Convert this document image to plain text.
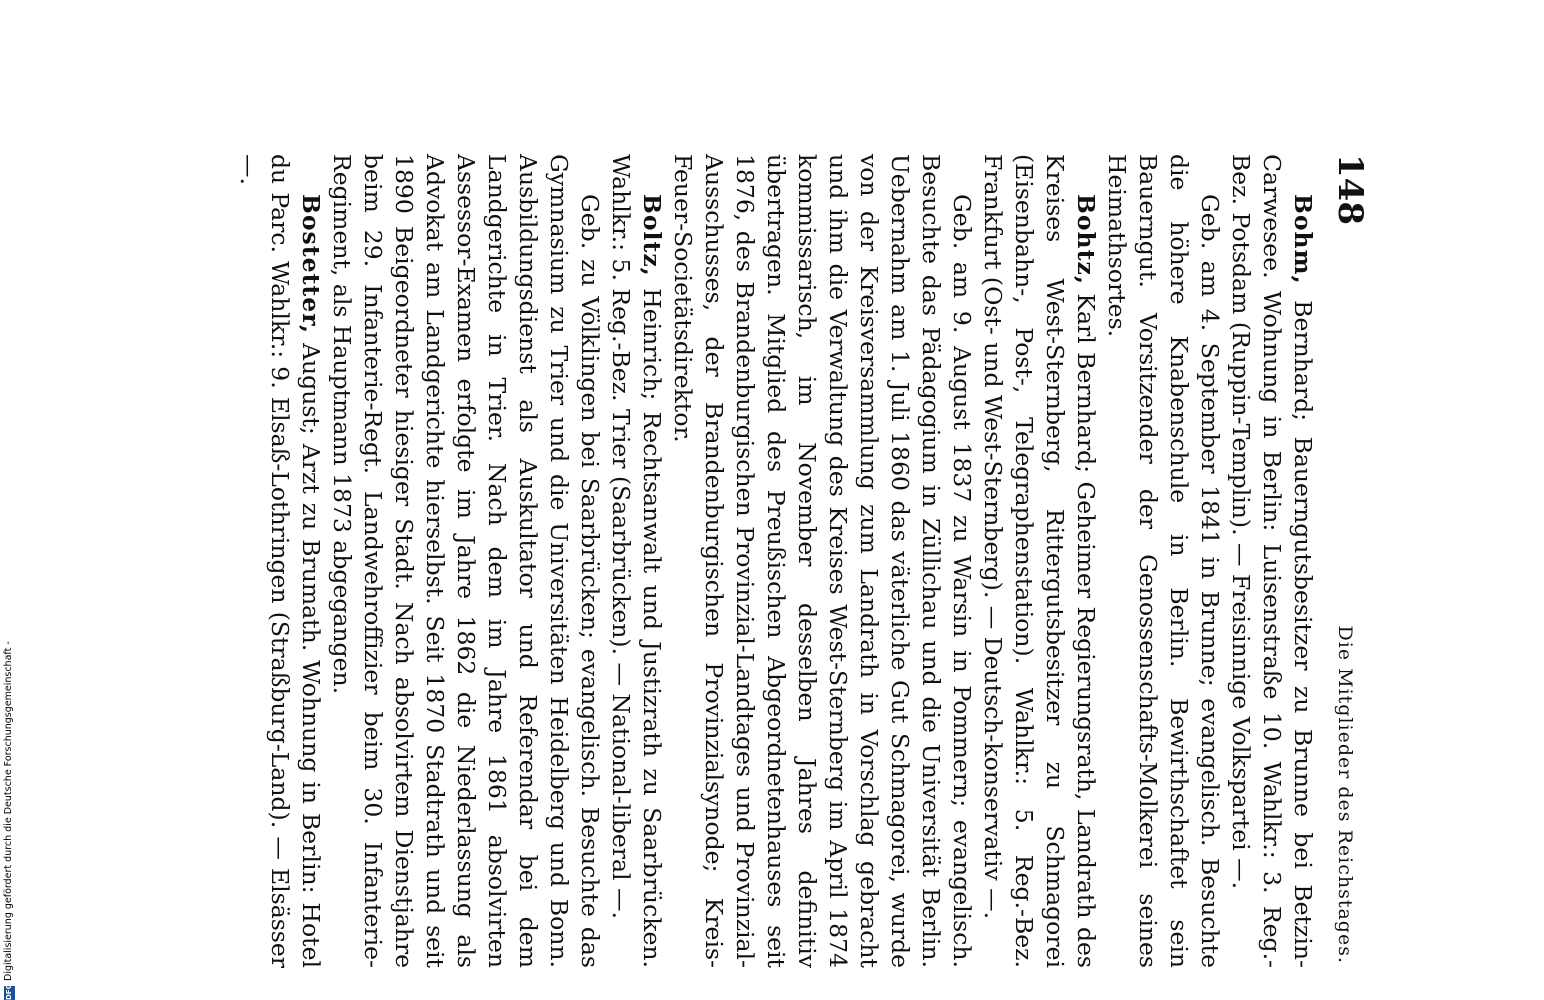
DFG
Digitalisierung gefördert durch die Deutsche Forschungsgemeinschaft -
148
Die Mitglieder des Reichstages.

Bohm, Bernhard; Bauerngutsbesitzer zu Brunne bei Betzin-Carwesee. Wohnung in Berlin: Luisenstraße 10. Wahlkr.: 3. Reg.-Bez. Potsdam (Ruppin-Templin). — Freisinnige Volkspartei —.

Geb. am 4. September 1841 in Brunne; evangelisch. Besuchte die höhere Knabenschule in Berlin. Bewirthschaftet sein Bauerngut. Vorsitzender der Genossenschafts-Molkerei seines Heimathsortes.

Bohtz, Karl Bernhard; Geheimer Regierungsrath, Landrath des Kreises West-Sternberg, Rittergutsbesitzer zu Schmagorei (Eisenbahn-, Post-, Telegraphenstation). Wahlkr.: 5. Reg.-Bez. Frankfurt (Ost- und West-Sternberg). — Deutsch-konservativ —.

Geb. am 9. August 1837 zu Warsin in Pommern; evangelisch. Besuchte das Pädagogium in Züllichau und die Universität Berlin. Uebernahm am 1. Juli 1860 das väterliche Gut Schmagorei, wurde von der Kreisversammlung zum Landrath in Vorschlag gebracht und ihm die Verwaltung des Kreises West-Sternberg im April 1874 kommissarisch, im November desselben Jahres definitiv übertragen. Mitglied des Preußischen Abgeordnetenhauses seit 1876, des Brandenburgischen Provinzial-Landtages und Provinzial-Ausschusses, der Brandenburgischen Provinzialsynode; Kreis-Feuer-Societätsdirektor.

Boltz, Heinrich; Rechtsanwalt und Justizrath zu Saarbrücken. Wahlkr.: 5. Reg.-Bez. Trier (Saarbrücken). — National-liberal —.

Geb. zu Völklingen bei Saarbrücken; evangelisch. Besuchte das Gymnasium zu Trier und die Universitäten Heidelberg und Bonn. Ausbildungsdienst als Auskultator und Referendar bei dem Landgerichte in Trier. Nach dem im Jahre 1861 absolvirten Assessor-Examen erfolgte im Jahre 1862 die Niederlassung als Advokat am Landgerichte hierselbst. Seit 1870 Stadtrath und seit 1890 Beigeordneter hiesiger Stadt. Nach absolvirtem Dienstjahre beim 29. Infanterie-Regt. Landwehroffizier beim 30. Infanterie-Regiment, als Hauptmann 1873 abgegangen.

Bostetter, August; Arzt zu Brumath. Wohnung in Berlin: Hotel du Parc. Wahlkr.: 9. Elsaß-Lothringen (Straßburg-Land). — Elsässer —.
